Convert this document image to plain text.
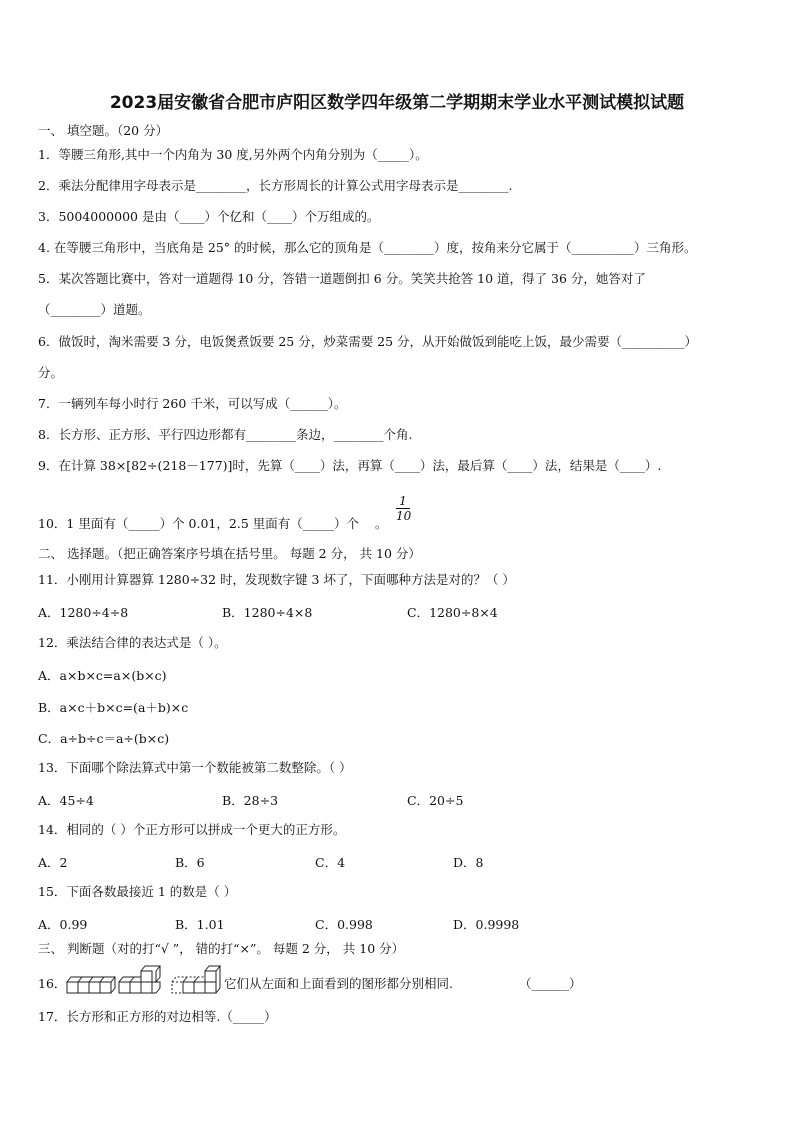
2023届安徽省合肥市庐阳区数学四年级第二学期期末学业水平测试模拟试题
一、 填空题。（20 分）
1．等腰三角形,其中一个内角为 30 度,另外两个内角分别为（_____）。
2．乘法分配律用字母表示是________，长方形周长的计算公式用字母表示是________.
3．5004000000 是由（____）个亿和（____）个万组成的。
4. 在等腰三角形中，当底角是 25° 的时候，那么它的顶角是（________）度，按角来分它属于（__________）三角形。
5．某次答题比赛中，答对一道题得 10 分，答错一道题倒扣 6 分。笑笑共抢答 10 道，得了 36 分，她答对了
（________）道题。
6．做饭时，淘米需要 3 分，电饭煲煮饭要 25 分，炒菜需要 25 分，从开始做饭到能吃上饭，最少需要（__________）
分。
7．一辆列车每小时行 260 千米，可以写成（______）。
8．长方形、正方形、平行四边形都有________条边，________个角.
9．在计算 38×[82÷(218－177)]时，先算（____）法，再算（____）法，最后算（____）法，结果是（____）.
10．1 里面有（_____）个 0.01，2.5 里面有（_____）个 。
$\frac{1}{10}$
二、 选择题。（把正确答案序号填在括号里。 每题 2 分， 共 10 分）
11．小刚用计算器算 1280÷32 时，发现数字键 3 坏了，下面哪种方法是对的？（ ）
A．1280÷4÷8	B．1280÷4×8	C．1280÷8×4
12．乘法结合律的表达式是（ ）。
A．a×b×c=a×(b×c)
B．a×c＋b×c=(a＋b)×c
C．a÷b÷c＝a÷(b×c)
13．下面哪个除法算式中第一个数能被第二数整除。（ ）
A．45÷4	B．28÷3	C．20÷5
14．相同的（ ）个正方形可以拼成一个更大的正方形。
A．2	B．6	C．4	D．8
15．下面各数最接近 1 的数是（ ）
A．0.99	B．1.01	C．0.998	D．0.9998
三、 判断题（对的打“√ ”， 错的打“×”。 每题 2 分， 共 10 分）
16．	它们从左面和上面看到的图形都分别相同.	（______）
17．长方形和正方形的对边相等.（_____）
